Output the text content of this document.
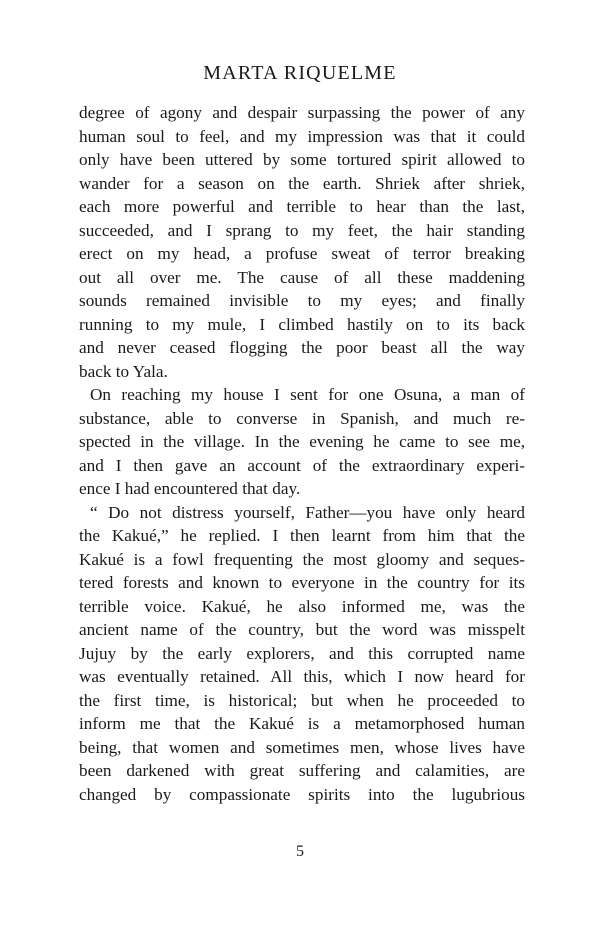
MARTA RIQUELME
degree of agony and despair surpassing the power of any
human soul to feel, and my impression was that it could
only have been uttered by some tortured spirit allowed to
wander for a season on the earth. Shriek after shriek,
each more powerful and terrible to hear than the last,
succeeded, and I sprang to my feet, the hair standing
erect on my head, a profuse sweat of terror breaking
out all over me. The cause of all these maddening
sounds remained invisible to my eyes; and finally
running to my mule, I climbed hastily on to its back
and never ceased flogging the poor beast all the way
back to Yala.
On reaching my house I sent for one Osuna, a man of
substance, able to converse in Spanish, and much re-
spected in the village. In the evening he came to see me,
and I then gave an account of the extraordinary experi-
ence I had encountered that day.
“ Do not distress yourself, Father—you have only heard
the Kakué,” he replied. I then learnt from him that the
Kakué is a fowl frequenting the most gloomy and seques-
tered forests and known to everyone in the country for its
terrible voice. Kakué, he also informed me, was the
ancient name of the country, but the word was misspelt
Jujuy by the early explorers, and this corrupted name
was eventually retained. All this, which I now heard for
the first time, is historical; but when he proceeded to
inform me that the Kakué is a metamorphosed human
being, that women and sometimes men, whose lives have
been darkened with great suffering and calamities, are
changed by compassionate spirits into the lugubrious
5
